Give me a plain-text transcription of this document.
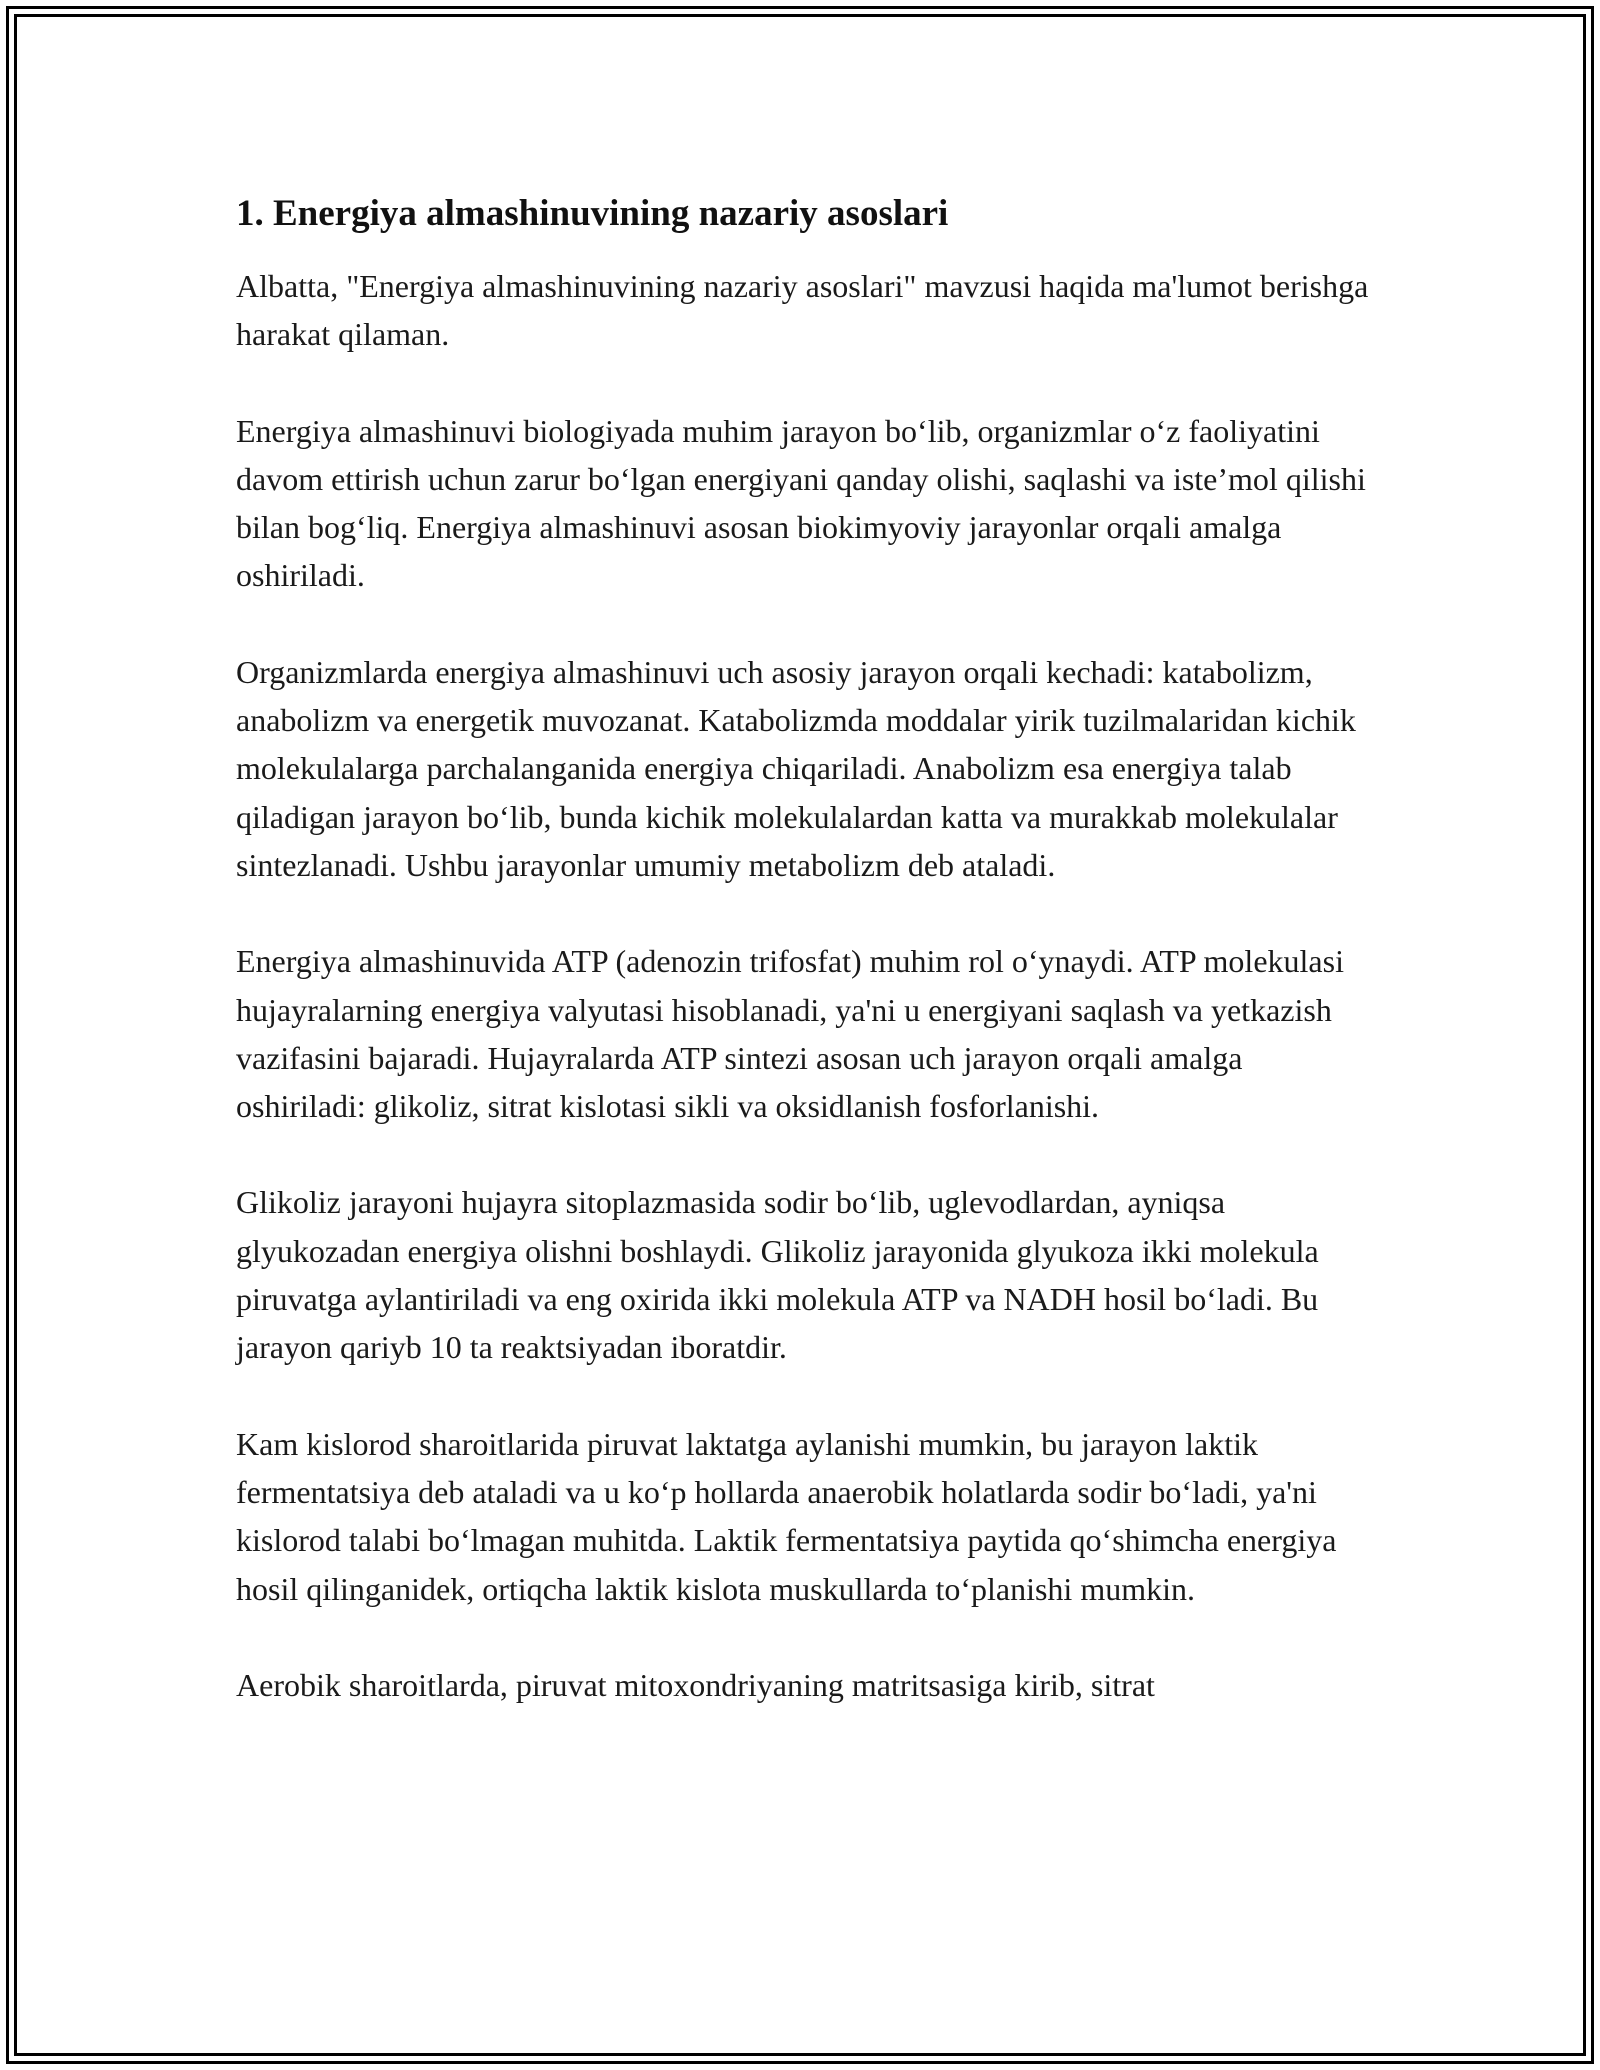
1. Energiya almashinuvining nazariy asoslari

Albatta, "Energiya almashinuvining nazariy asoslari" mavzusi haqida ma'lumot berishga harakat qilaman.

Energiya almashinuvi biologiyada muhim jarayon bo‘lib, organizmlar o‘z faoliyatini davom ettirish uchun zarur bo‘lgan energiyani qanday olishi, saqlashi va iste’mol qilishi bilan bog‘liq. Energiya almashinuvi asosan biokimyoviy jarayonlar orqali amalga oshiriladi.

Organizmlarda energiya almashinuvi uch asosiy jarayon orqali kechadi: katabolizm, anabolizm va energetik muvozanat. Katabolizmda moddalar yirik tuzilmalaridan kichik molekulalarga parchalanganida energiya chiqariladi. Anabolizm esa energiya talab qiladigan jarayon bo‘lib, bunda kichik molekulalardan katta va murakkab molekulalar sintezlanadi. Ushbu jarayonlar umumiy metabolizm deb ataladi.

Energiya almashinuvida ATP (adenozin trifosfat) muhim rol o‘ynaydi. ATP molekulasi hujayralarning energiya valyutasi hisoblanadi, ya'ni u energiyani saqlash va yetkazish vazifasini bajaradi. Hujayralarda ATP sintezi asosan uch jarayon orqali amalga oshiriladi: glikoliz, sitrat kislotasi sikli va oksidlanish fosforlanishi.

Glikoliz jarayoni hujayra sitoplazmasida sodir bo‘lib, uglevodlardan, ayniqsa glyukozadan energiya olishni boshlaydi. Glikoliz jarayonida glyukoza ikki molekula piruvatga aylantiriladi va eng oxirida ikki molekula ATP va NADH hosil bo‘ladi. Bu jarayon qariyb 10 ta reaktsiyadan iboratdir.

Kam kislorod sharoitlarida piruvat laktatga aylanishi mumkin, bu jarayon laktik fermentatsiya deb ataladi va u ko‘p hollarda anaerobik holatlarda sodir bo‘ladi, ya'ni kislorod talabi bo‘lmagan muhitda. Laktik fermentatsiya paytida qo‘shimcha energiya hosil qilinganidek, ortiqcha laktik kislota muskullarda to‘planishi mumkin.

Aerobik sharoitlarda, piruvat mitoxondriyaning matritsasiga kirib, sitrat
